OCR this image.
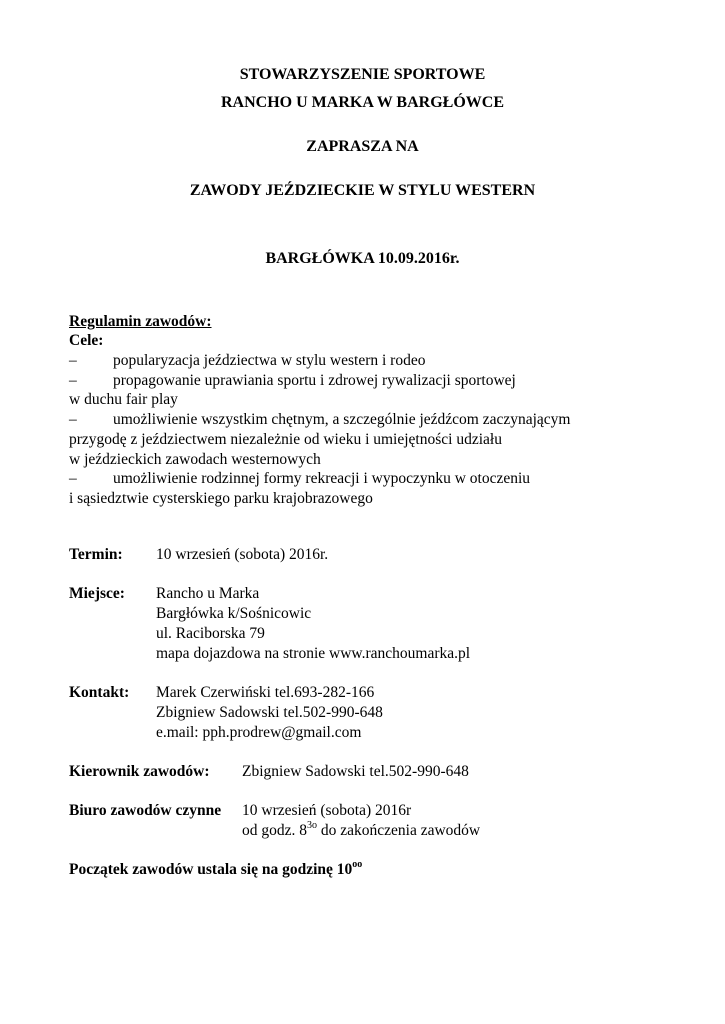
STOWARZYSZENIE SPORTOWE
RANCHO U MARKA W BARGŁÓWCE
ZAPRASZA NA
ZAWODY JEŹDZIECKIE W STYLU WESTERN
BARGŁÓWKA 10.09.2016r.
Regulamin zawodów:
Cele:
– popularyzacja jeździectwa w stylu western i rodeo
– propagowanie uprawiania sportu i zdrowej rywalizacji sportowej
w duchu fair play
– umożliwienie wszystkim chętnym, a szczególnie jeźdźcom zaczynającym
przygodę z jeździectwem niezależnie od wieku i umiejętności udziału
w jeździeckich zawodach westernowych
– umożliwienie rodzinnej formy rekreacji i wypoczynku w otoczeniu
i sąsiedztwie cysterskiego parku krajobrazowego
Termin: 10 wrzesień (sobota) 2016r.
Miejsce: Rancho u Marka
Bargłówka k/Sośnicowic
ul. Raciborska 79
mapa dojazdowa na stronie www.ranchoumarka.pl
Kontakt: Marek Czerwiński tel.693-282-166
Zbigniew Sadowski tel.502-990-648
e.mail: pph.prodrew@gmail.com
Kierownik zawodów: Zbigniew Sadowski tel.502-990-648
Biuro zawodów czynne 10 wrzesień (sobota) 2016r
od godz. $8^{3o}$ do zakończenia zawodów
Początek zawodów ustala się na godzinę $10^{oo}$
